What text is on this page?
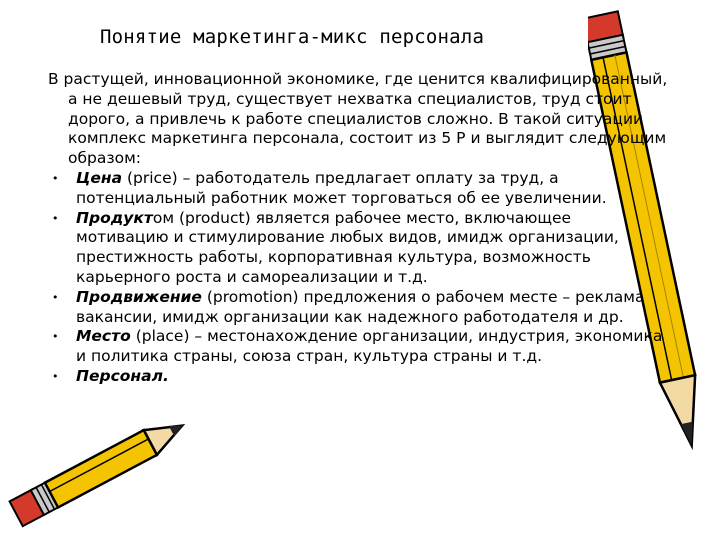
Понятие маркетинга-микс персонала

В растущей, инновационной экономике, где ценится квалифицированный, а не дешевый труд, существует нехватка специалистов, труд стоит дорого, а привлечь к работе специалистов сложно. В такой ситуации комплекс маркетинга персонала, состоит из 5 Р и выглядит следующим образом:

• Цена (price) – работодатель предлагает оплату за труд, а потенциальный работник может торговаться об ее увеличении.
• Продуктом (product) является рабочее место, включающее мотивацию и стимулирование любых видов, имидж организации, престижность работы, корпоративная культура, возможность карьерного роста и самореализации и т.д.
• Продвижение (promotion) предложения о рабочем месте – реклама вакансии, имидж организации как надежного работодателя и др.
• Место (place) – местонахождение организации, индустрия, экономика и политика страны, союза стран, культура страны и т.д.
• Персонал.
